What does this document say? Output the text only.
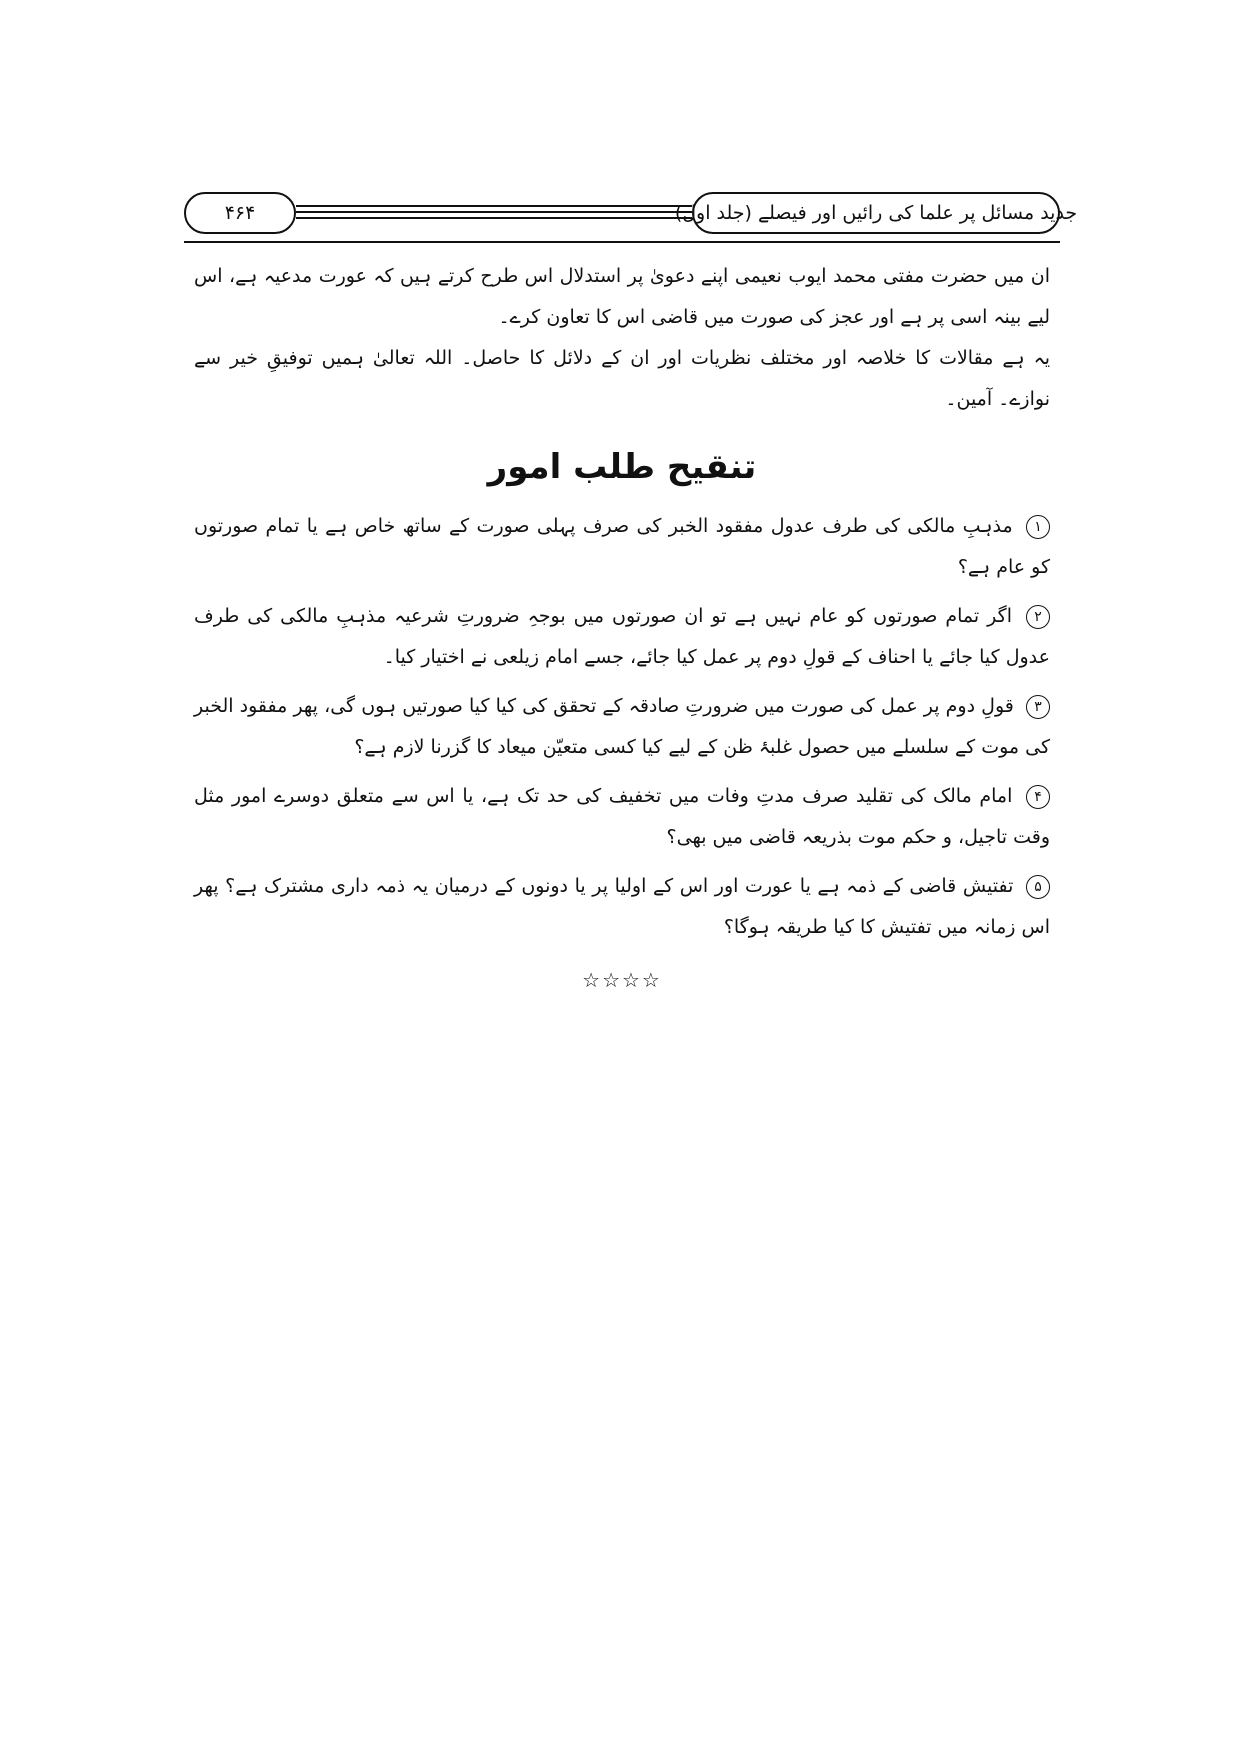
جدید مسائل پر علما کی رائیں اور فیصلے (جلد اول)
۴۶۴

ان میں حضرت مفتی محمد ایوب نعیمی اپنے دعویٰ پر استدلال اس طرح کرتے ہیں کہ عورت مدعیہ ہے، اس لیے بینہ اسی پر ہے اور عجز کی صورت میں قاضی اس کا تعاون کرے۔

یہ ہے مقالات کا خلاصہ اور مختلف نظریات اور ان کے دلائل کا حاصل۔ اللہ تعالیٰ ہمیں توفیقِ خیر سے نوازے۔ آمین۔

تنقیح طلب امور

۱ مذہبِ مالکی کی طرف عدول مفقود الخبر کی صرف پہلی صورت کے ساتھ خاص ہے یا تمام صورتوں کو عام ہے؟

۲ اگر تمام صورتوں کو عام نہیں ہے تو ان صورتوں میں بوجہِ ضرورتِ شرعیہ مذہبِ مالکی کی طرف عدول کیا جائے یا احناف کے قولِ دوم پر عمل کیا جائے، جسے امام زیلعی نے اختیار کیا۔

۳ قولِ دوم پر عمل کی صورت میں ضرورتِ صادقہ کے تحقق کی کیا کیا صورتیں ہوں گی، پھر مفقود الخبر کی موت کے سلسلے میں حصول غلبۂ ظن کے لیے کیا کسی متعیّن میعاد کا گزرنا لازم ہے؟

۴ امام مالک کی تقلید صرف مدتِ وفات میں تخفیف کی حد تک ہے، یا اس سے متعلق دوسرے امور مثل وقت تاجیل، و حکم موت بذریعہ قاضی میں بھی؟

۵ تفتیش قاضی کے ذمہ ہے یا عورت اور اس کے اولیا پر یا دونوں کے درمیان یہ ذمہ داری مشترک ہے؟ پھر اس زمانہ میں تفتیش کا کیا طریقہ ہوگا؟

☆☆☆☆
